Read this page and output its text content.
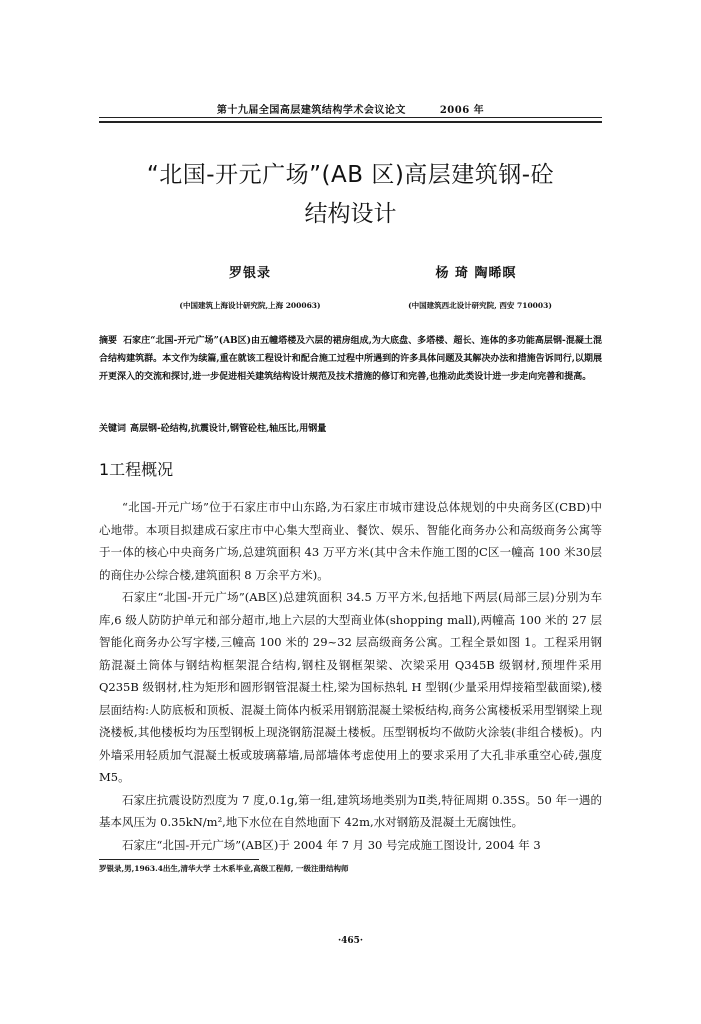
第十九届全国高层建筑结构学术会议论文	2006 年
“北国-开元广场”(AB 区)高层建筑钢-砼
结构设计
罗银录	杨 琦 陶晞暝
(中国建筑上海设计研究院,上海 200063)	(中国建筑西北设计研究院, 西安 710003)
摘要 石家庄“北国-开元广场”(AB区)由五幢塔楼及六层的裙房组成,为大底盘、多塔楼、超长、连体的多功能高层钢-混凝土混合结构建筑群。本文作为续篇,重在就该工程设计和配合施工过程中所遇到的许多具体问题及其解决办法和措施告诉同行,以期展开更深入的交流和探讨,进一步促进相关建筑结构设计规范及技术措施的修订和完善,也推动此类设计进一步走向完善和提高。
关键词 高层钢-砼结构,抗震设计,钢管砼柱,轴压比,用钢量
1工程概况

“北国-开元广场”位于石家庄市中山东路,为石家庄市城市建设总体规划的中央商务区(CBD)中心地带。本项目拟建成石家庄市中心集大型商业、餐饮、娱乐、智能化商务办公和高级商务公寓等于一体的核心中央商务广场,总建筑面积 43 万平方米(其中含未作施工图的C区一幢高 100 米30层的商住办公综合楼,建筑面积 8 万余平方米)。

石家庄“北国-开元广场”(AB区)总建筑面积 34.5 万平方米,包括地下两层(局部三层)分别为车库,6 级人防防护单元和部分超市,地上六层的大型商业体(shopping mall),两幢高 100 米的 27 层智能化商务办公写字楼,三幢高 100 米的 29~32 层高级商务公寓。工程全景如图 1。工程采用钢筋混凝土筒体与钢结构框架混合结构,钢柱及钢框架梁、次梁采用 Q345B 级钢材,预埋件采用 Q235B 级钢材,柱为矩形和圆形钢管混凝土柱,梁为国标热轧 H 型钢(少量采用焊接箱型截面梁),楼层面结构:人防底板和顶板、混凝土筒体内板采用钢筋混凝土梁板结构,商务公寓楼板采用型钢梁上现浇楼板,其他楼板均为压型钢板上现浇钢筋混凝土楼板。压型钢板均不做防火涂装(非组合楼板)。内外墙采用轻质加气混凝土板或玻璃幕墙,局部墙体考虑使用上的要求采用了大孔非承重空心砖,强度 M5。

石家庄抗震设防烈度为 7 度,0.1g,第一组,建筑场地类别为Ⅱ类,特征周期 0.35S。50 年一遇的基本风压为 0.35kN/m²,地下水位在自然地面下 42m,水对钢筋及混凝土无腐蚀性。

石家庄“北国-开元广场”(AB区)于 2004 年 7 月 30 号完成施工图设计, 2004 年 3

罗银录,男,1963.4出生,清华大学 土木系毕业,高级工程师, 一级注册结构师
·465·
